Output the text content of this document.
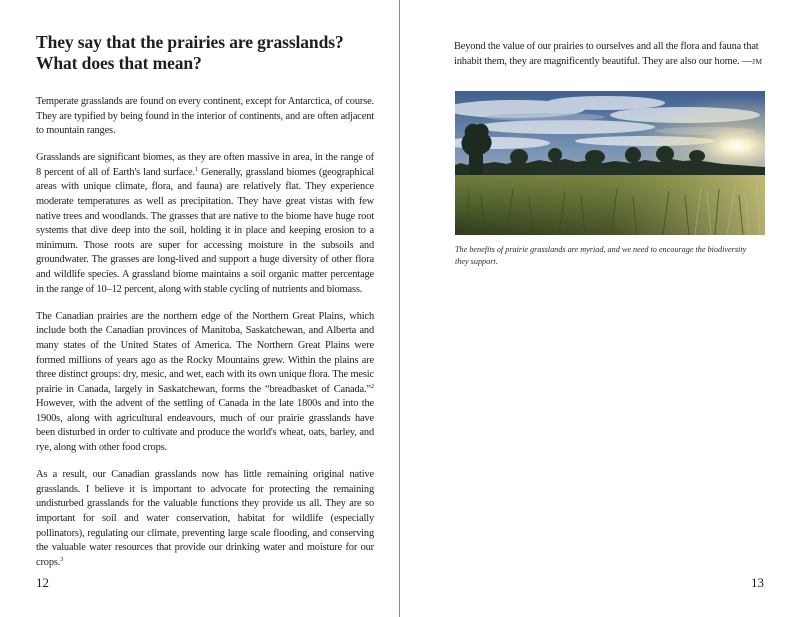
They say that the prairies are grasslands? What does that mean?

Temperate grasslands are found on every continent, except for Antarctica, of course. They are typified by being found in the interior of continents, and are often adjacent to mountain ranges.

Grasslands are significant biomes, as they are often massive in area, in the range of 8 percent of all of Earth's land surface.$^1$ Generally, grassland biomes (geographical areas with unique climate, flora, and fauna) are relatively flat. They experience moderate temperatures as well as precipitation. They have great vistas with few native trees and woodlands. The grasses that are native to the biome have huge root systems that dive deep into the soil, holding it in place and keeping erosion to a minimum. Those roots are super for accessing moisture in the subsoils and groundwater. The grasses are long-lived and support a huge diversity of other flora and wildlife species. A grassland biome maintains a soil organic matter percentage in the range of 10–12 percent, along with stable cycling of nutrients and biomass.

The Canadian prairies are the northern edge of the Northern Great Plains, which include both the Canadian provinces of Manitoba, Saskatchewan, and Alberta and many states of the United States of America. The Northern Great Plains were formed millions of years ago as the Rocky Mountains grew. Within the plains are three distinct groups: dry, mesic, and wet, each with its own unique flora. The mesic prairie in Canada, largely in Saskatchewan, forms the “breadbasket of Canada.”$^2$ However, with the advent of the settling of Canada in the late 1800s and into the 1900s, along with agricultural endeavours, much of our prairie grasslands have been disturbed in order to cultivate and produce the world's wheat, oats, barley, and rye, along with other food crops.

As a result, our Canadian grasslands now has little remaining original native grasslands. I believe it is important to advocate for protecting the remaining undisturbed grasslands for the valuable functions they provide us all. They are so important for soil and water conservation, habitat for wildlife (especially pollinators), regulating our climate, preventing large scale flooding, and conserving the valuable water resources that provide our drinking water and moisture for our crops.$^3$

12

Beyond the value of our prairies to ourselves and all the flora and fauna that inhabit them, they are magnificently beautiful. They are also our home. —JM

The benefits of prairie grasslands are myriad, and we need to encourage the biodiversity they support.

13
